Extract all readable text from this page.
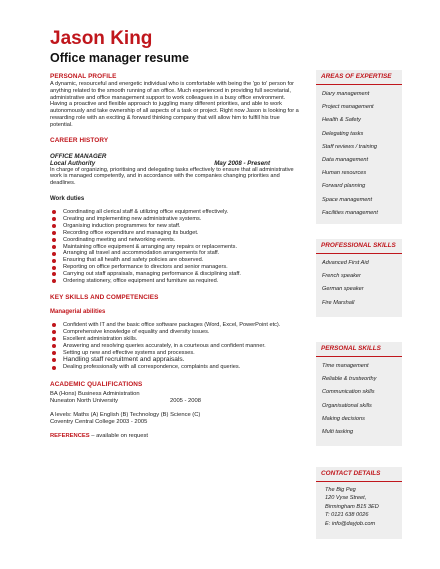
Jason King
Office manager resume
PERSONAL PROFILE
A dynamic, resourceful and energetic individual who is comfortable with being the 'go to' person for anything related to the smooth running of an office. Much experienced in providing full secretarial, administrative and office management support to work colleagues in a busy office environment. Having a proactive and flexible approach to juggling many different priorities, and able to work autonomously and take ownership of all aspects of a task or project. Right now Jason is looking for a rewarding role with an exciting & forward thinking company that will allow him to fulfill his true potential.
CAREER HISTORY
OFFICE MANAGER
Local Authority	May 2008 - Present
In charge of organizing, prioritising and delegating tasks effectively to ensure that all administrative work is managed competently, and in accordance with the companies changing priorities and deadlines.
Work duties
Coordinating all clerical staff & utilizing office equipment effectively.
Creating and implementing new administrative systems.
Organising induction programmes for new staff.
Recording office expenditure and managing its budget.
Coordinating meeting and networking events.
Maintaining office equipment & arranging any repairs or replacements.
Arranging all travel and accommodation arrangements for staff.
Ensuring that all health and safety policies are observed.
Reporting on office performance to directors and senior managers.
Carrying out staff appraisals, managing performance & disciplining staff.
Ordering stationery, office equipment and furniture as required.
KEY SKILLS AND COMPETENCIES
Managerial abilities
Confident with IT and the basic office software packages (Word, Excel, PowerPoint etc).
Comprehensive knowledge of equality and diversity issues.
Excellent administration skills.
Answering and resolving queries accurately, in a courteous and confident manner.
Setting up new and effective systems and processes.
Handling staff recruitment and appraisals.
Dealing professionally with all correspondence, complaints and queries.
ACADEMIC QUALIFICATIONS
BA (Hons) Business Administration
Nuneaton North University	2005 - 2008
A levels: Maths (A) English (B) Technology (B) Science (C)
Coventry Central College 2003 - 2005
REFERENCES – available on request
AREAS OF EXPERTISE
Diary management
Project management
Health & Safety
Delegating tasks
Staff reviews / training
Data management
Human resources
Forward planning
Space management
Facilities management
PROFESSIONAL SKILLS
Advanced First Aid
French speaker
German speaker
Fire Marshall
PERSONAL SKILLS
Time management
Reliable & trustworthy
Communication skills
Organisational skills
Making decisions
Multi tasking
CONTACT DETAILS
The Big Peg
120 Vyse Street,
Birmingham B15 3ED
T: 0121 638 0026
E: info@dayjob.com
